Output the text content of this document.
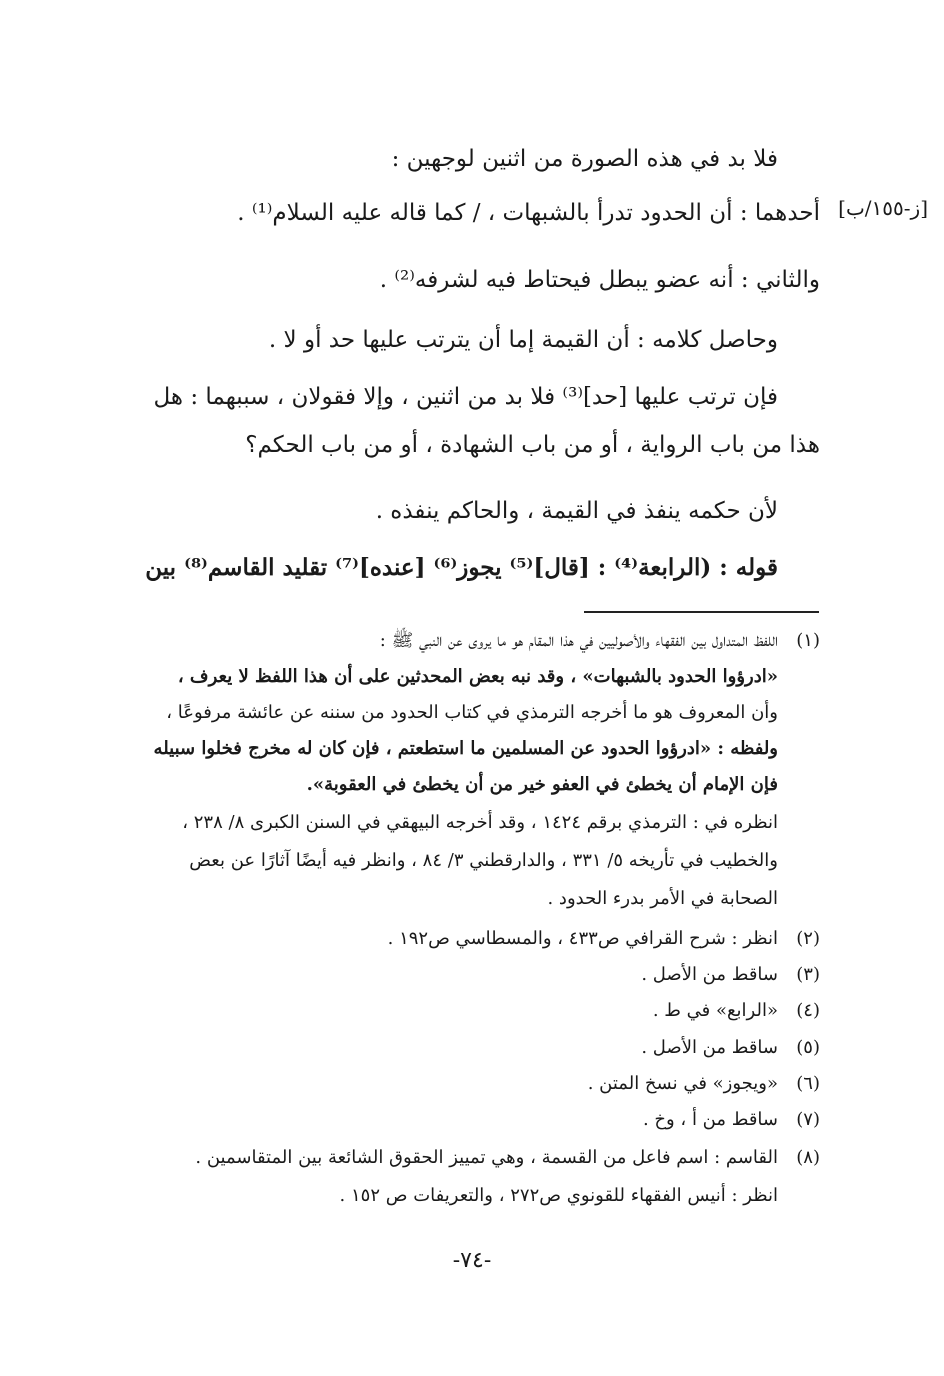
[ز-١٥٥/ب]
فلا بد في هذه الصورة من اثنين لوجهين :
أحدهما : أن الحدود تدرأ بالشبهات ، / كما قاله عليه السلام⁽¹⁾ .
والثاني : أنه عضو يبطل فيحتاط فيه لشرفه⁽²⁾ .
وحاصل كلامه : أن القيمة إما أن يترتب عليها حد أو لا .
فإن ترتب عليها [حد]⁽³⁾ فلا بد من اثنين ، وإلا فقولان ، سببهما : هل
هذا من باب الرواية ، أو من باب الشهادة ، أو من باب الحكم؟
لأن حكمه ينفذ في القيمة ، والحاكم ينفذه .
قوله : (الرابعة⁽⁴⁾ : [قال]⁽⁵⁾ يجوز⁽⁶⁾ [عنده]⁽⁷⁾ تقليد القاسم⁽⁸⁾ بين
(١)
اللفظ المتداول بين الفقهاء والأصوليين في هذا المقام هو ما يروى عن النبي ﷺ :
«ادرؤوا الحدود بالشبهات» ، وقد نبه بعض المحدثين على أن هذا اللفظ لا يعرف ،
وأن المعروف هو ما أخرجه الترمذي في كتاب الحدود من سننه عن عائشة مرفوعًا ،
ولفظه : «ادرؤوا الحدود عن المسلمين ما استطعتم ، فإن كان له مخرج فخلوا سبيله
فإن الإمام أن يخطئ في العفو خير من أن يخطئ في العقوبة».
انظره في : الترمذي برقم ١٤٢٤ ، وقد أخرجه البيهقي في السنن الكبرى ٨/ ٢٣٨ ،
والخطيب في تأريخه ٥/ ٣٣١ ، والدارقطني ٣/ ٨٤ ، وانظر فيه أيضًا آثارًا عن بعض
الصحابة في الأمر بدرء الحدود .
(٢)
انظر : شرح القرافي ص٤٣٣ ، والمسطاسي ص١٩٢ .
(٣)
ساقط من الأصل .
(٤)
«الرابع» في ط .
(٥)
ساقط من الأصل .
(٦)
«ويجوز» في نسخ المتن .
(٧)
ساقط من أ ، وخ .
(٨)
القاسم : اسم فاعل من القسمة ، وهي تمييز الحقوق الشائعة بين المتقاسمين .
انظر : أنيس الفقهاء للقونوي ص٢٧٢ ، والتعريفات ص ١٥٢ .
-٧٤-
